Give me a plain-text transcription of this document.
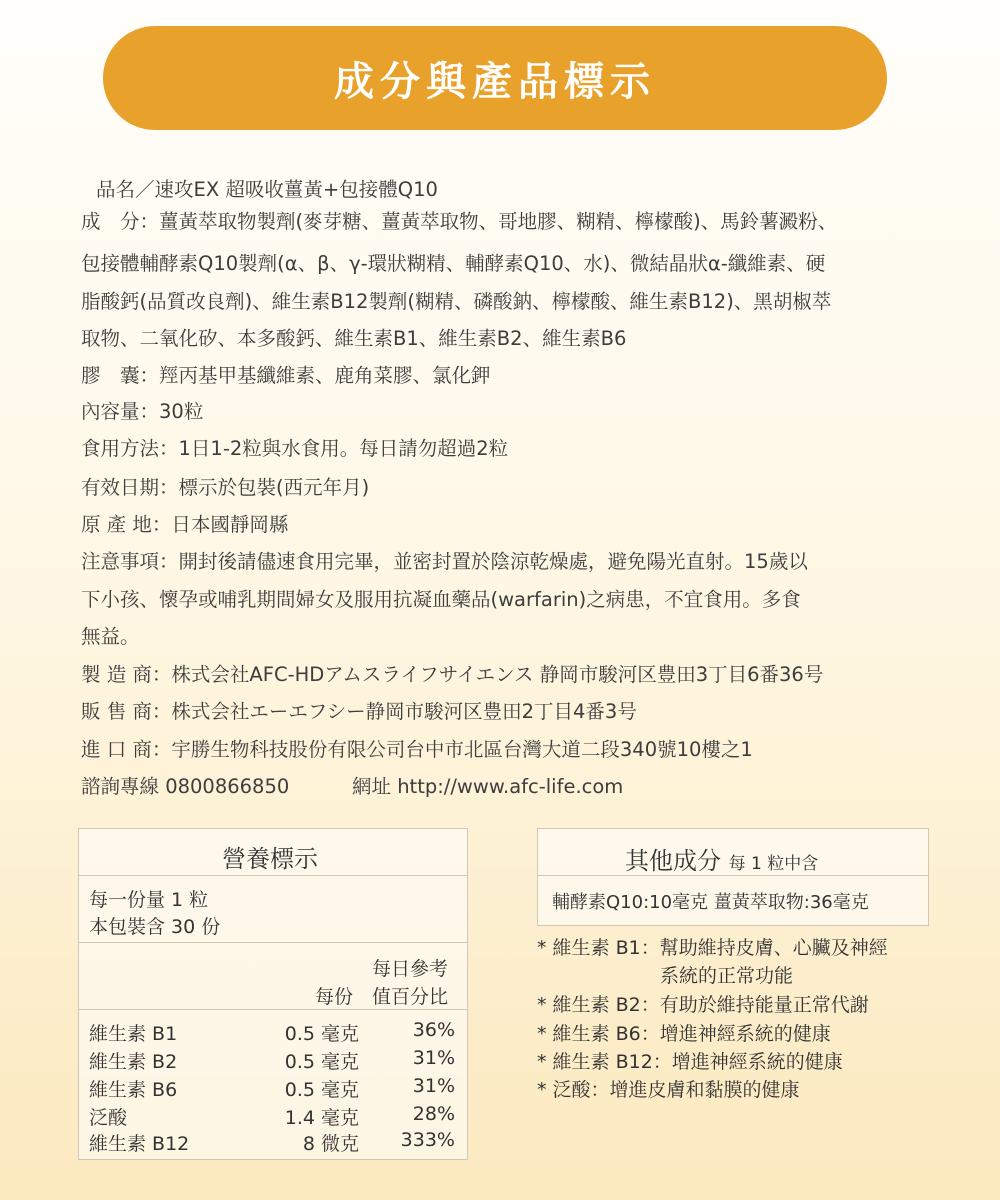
成分與產品標示
品名／速攻EX 超吸收薑黃+包接體Q10
成　分：薑黃萃取物製劑(麥芽糖、薑黃萃取物、哥地膠、糊精、檸檬酸)、馬鈴薯澱粉、
包接體輔酵素Q10製劑(α、β、γ-環狀糊精、輔酵素Q10、水)、微結晶狀α-纖維素、硬
脂酸鈣(品質改良劑)、維生素B12製劑(糊精、磷酸鈉、檸檬酸、維生素B12)、黑胡椒萃
取物、二氧化矽、本多酸鈣、維生素B1、維生素B2、維生素B6
膠　囊：羥丙基甲基纖維素、鹿角菜膠、氯化鉀
內容量：30粒
食用方法：1日1-2粒與水食用。每日請勿超過2粒
有效日期：標示於包裝(西元年月)
原 產 地：日本國靜岡縣
注意事項：開封後請儘速食用完畢，並密封置於陰涼乾燥處，避免陽光直射。15歲以
下小孩、懷孕或哺乳期間婦女及服用抗凝血藥品(warfarin)之病患，不宜食用。多食
無益。
製 造 商：株式会社AFC-HDアムスライフサイエンス 静岡市駿河区豊田3丁目6番36号
販 售 商：株式会社エーエフシー静岡市駿河区豊田2丁目4番3号
進 口 商：宇勝生物科技股份有限公司台中市北區台灣大道二段340號10樓之1
諮詢專線 0800866850	網址 http://www.afc-life.com
營養標示
每一份量 1 粒
本包裝含 30 份
每日參考
每份 值百分比
維生素 B1	0.5 毫克	36%
維生素 B2	0.5 毫克	31%
維生素 B6	0.5 毫克	31%
泛酸	1.4 毫克	28%
維生素 B12	8 微克 333%
其他成分 每 1 粒中含
輔酵素Q10:10毫克 薑黃萃取物:36毫克
* 維生素 B1：幫助維持皮膚、心臟及神經
系統的正常功能
* 維生素 B2：有助於維持能量正常代謝
* 維生素 B6：增進神經系統的健康
* 維生素 B12：增進神經系統的健康
* 泛酸：增進皮膚和黏膜的健康
